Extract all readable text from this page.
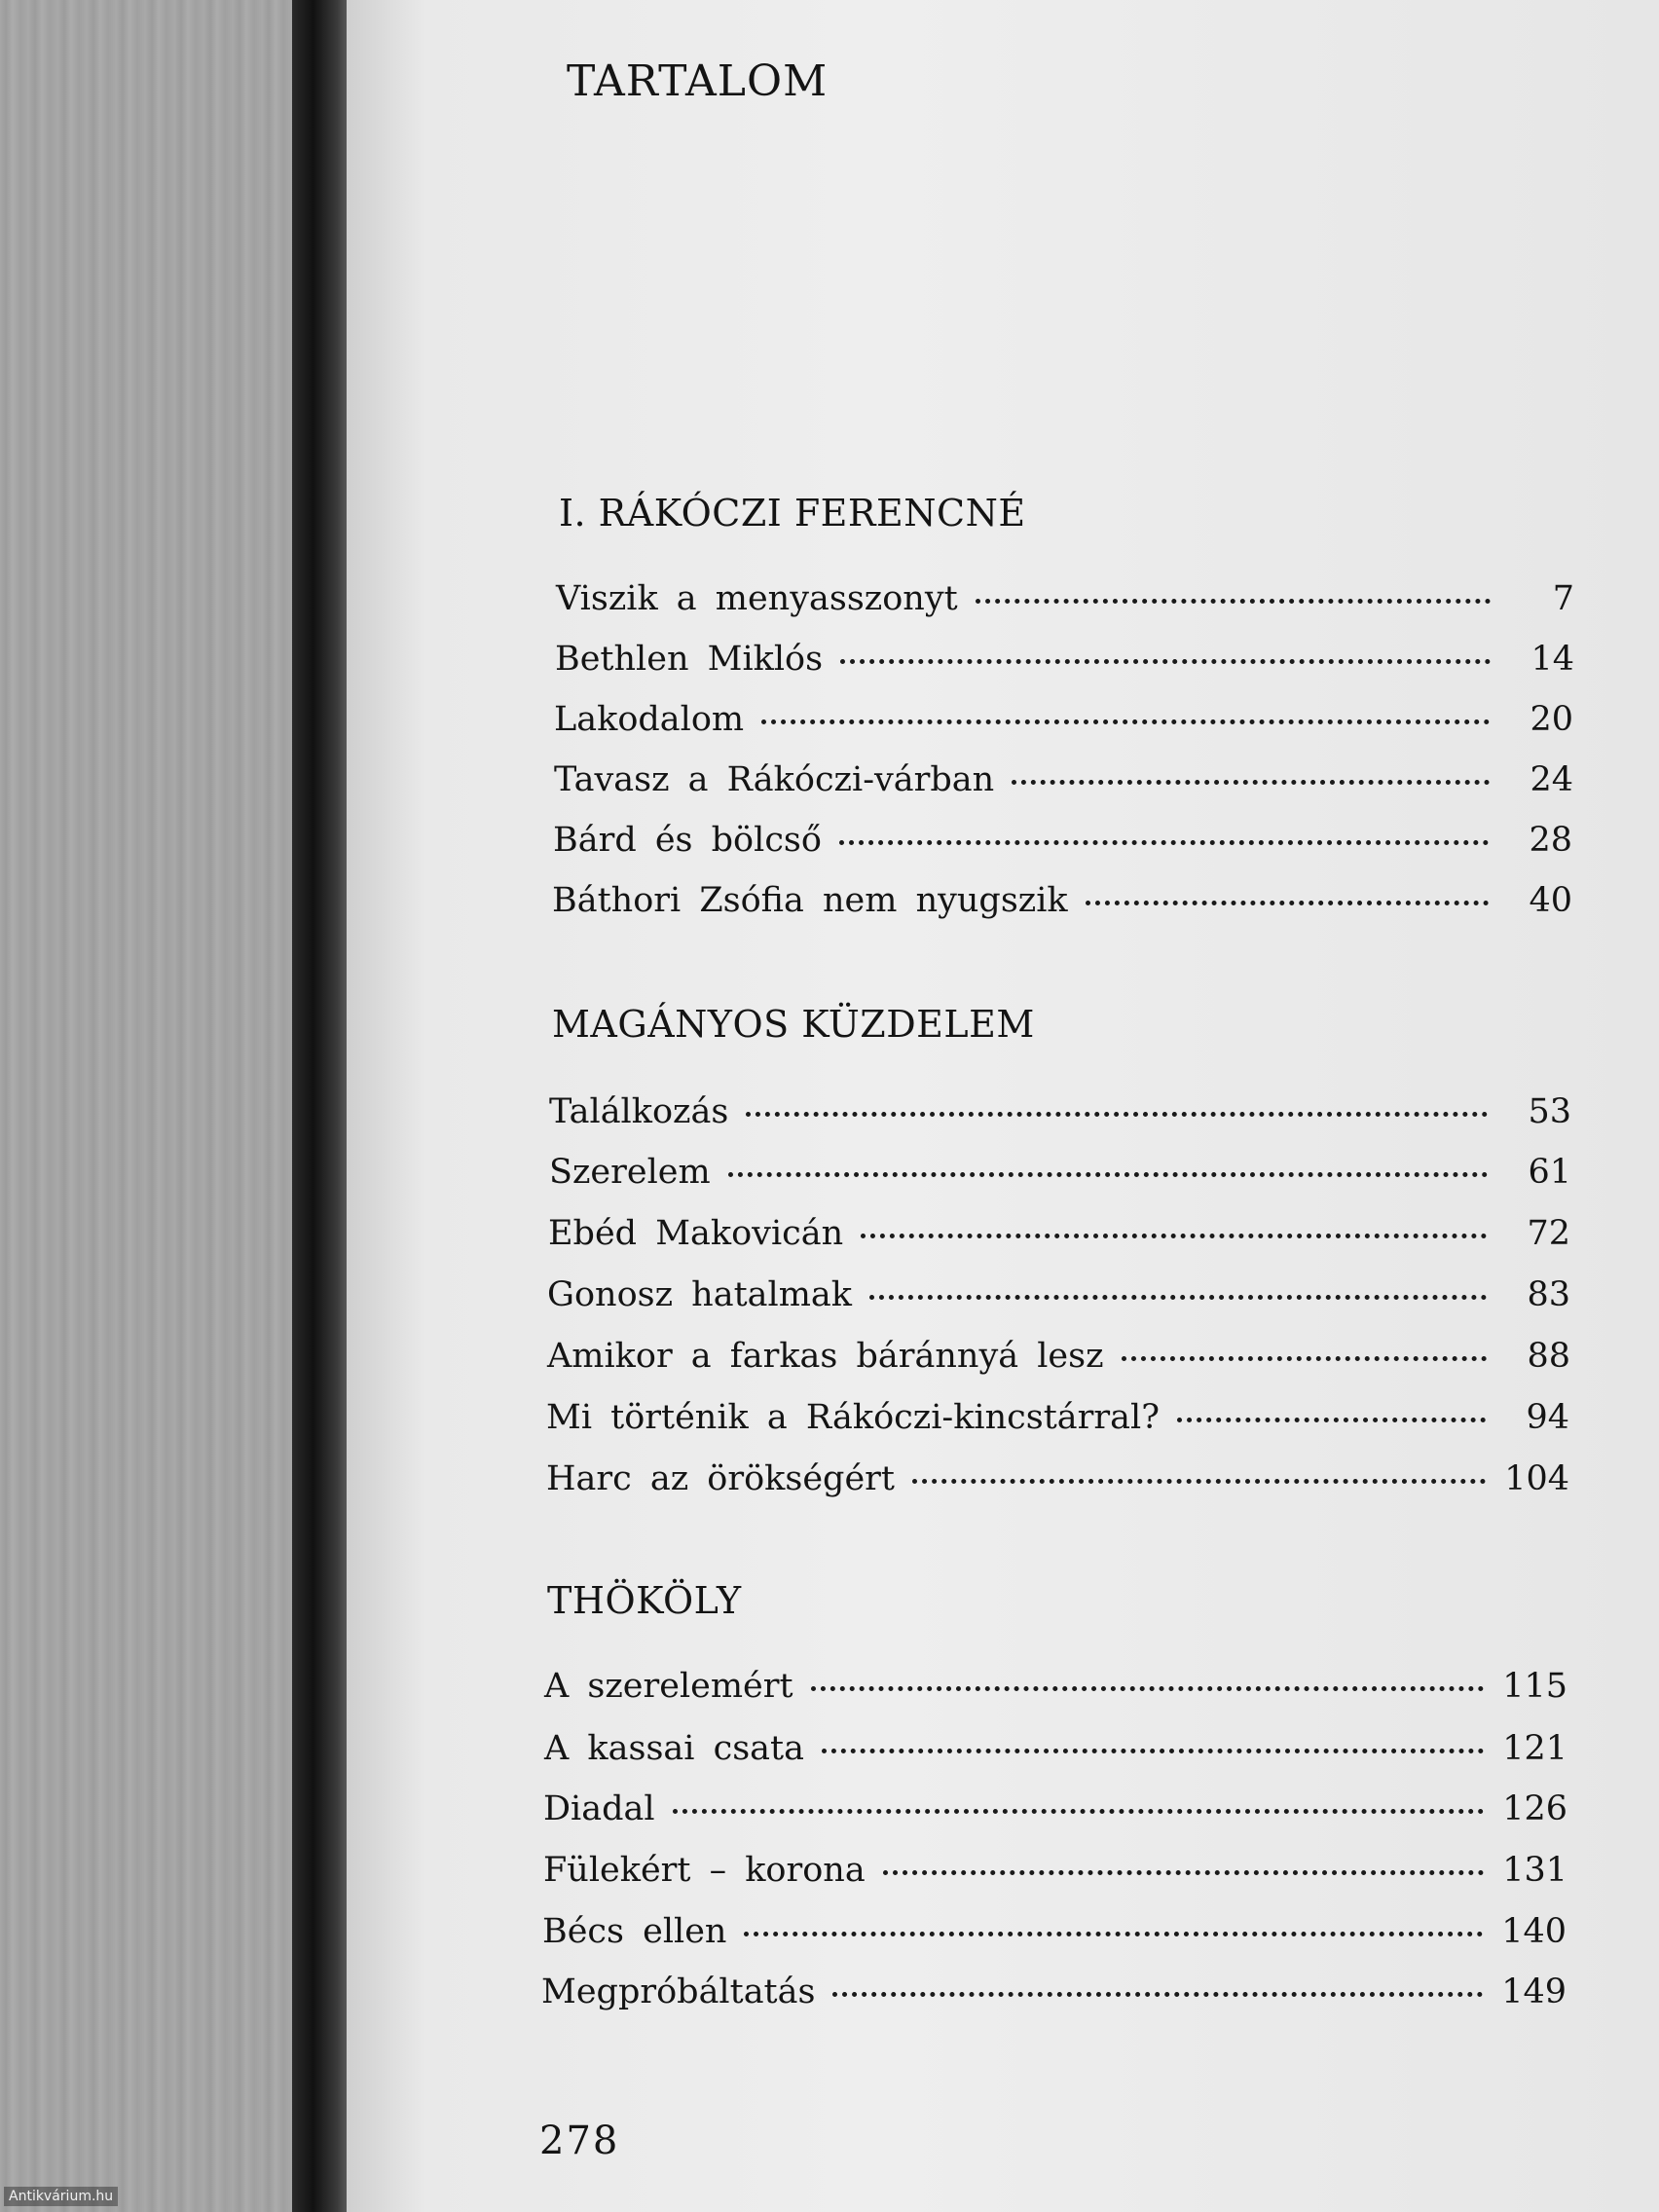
TARTALOM
I. RÁKÓCZI FERENCNÉ
Viszik a menyasszonyt	7
Bethlen Miklós	14
Lakodalom	20
Tavasz a Rákóczi-várban	24
Bárd és bölcső	28
Báthori Zsófia nem nyugszik	40
MAGÁNYOS KÜZDELEM
Találkozás	53
Szerelem	61
Ebéd Makovicán	72
Gonosz hatalmak	83
Amikor a farkas báránnyá lesz	88
Mi történik a Rákóczi-kincstárral?	94
Harc az örökségért	104
THÖKÖLY
A szerelemért	115
A kassai csata	121
Diadal	126
Fülekért – korona	131
Bécs ellen	140
Megpróbáltatás	149
278
Antikvárium.hu
